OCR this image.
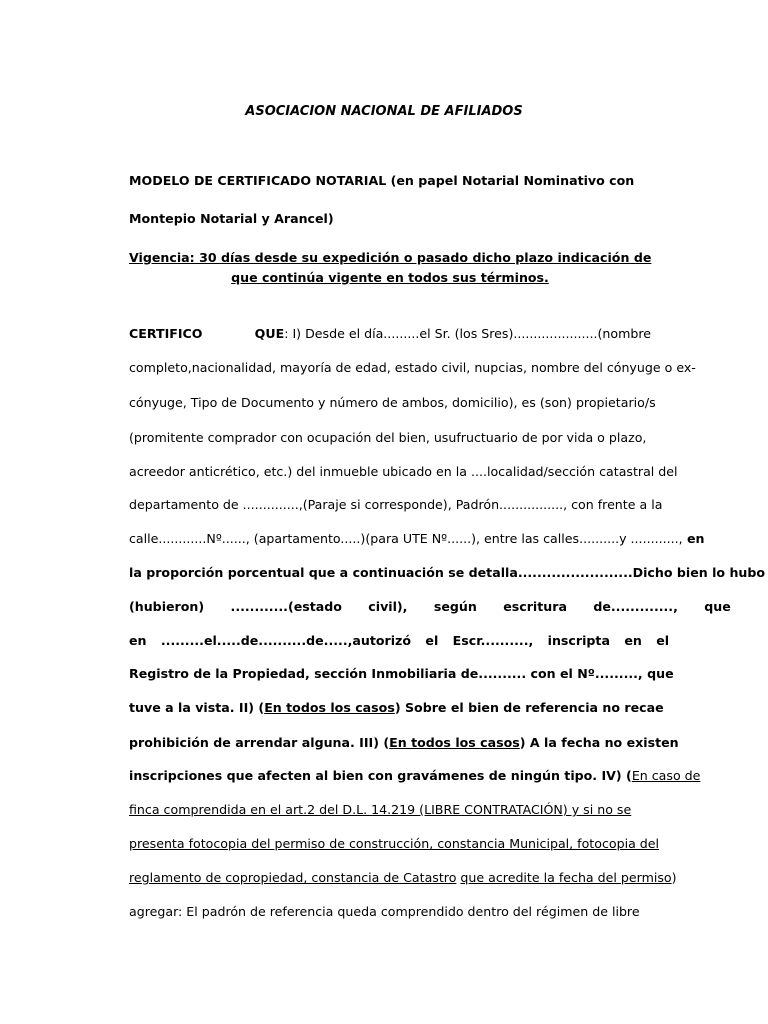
ASOCIACION NACIONAL DE AFILIADOS
MODELO DE CERTIFICADO NOTARIAL (en papel Notarial Nominativo con
Montepio Notarial y Arancel)
Vigencia: 30 días desde su expedición o pasado dicho plazo indicación de
que continúa vigente en todos sus términos.
CERTIFICO	QUE: I) Desde el día.........el Sr. (los Sres).....................(nombre
completo,nacionalidad, mayoría de edad, estado civil, nupcias, nombre del cónyuge o ex-
cónyuge, Tipo de Documento y número de ambos, domicilio), es (son) propietario/s
(promitente comprador con ocupación del bien, usufructuario de por vida o plazo,
acreedor anticrético, etc.) del inmueble ubicado en la ....localidad/sección catastral del
departamento de ..............,(Paraje si corresponde), Padrón................, con frente a la
calle............Nº......, (apartamento.....)(para UTE Nº......), entre las calles..........y ............, en
la proporción porcentual que a continuación se detalla........................Dicho bien lo hubo
(hubieron) ............(estado civil), según escritura de............., que
en .........el.....de..........de.....,autorizó el Escr.........., inscripta en el
Registro de la Propiedad, sección Inmobiliaria de.......... con el Nº........., que
tuve a la vista. II) (En todos los casos) Sobre el bien de referencia no recae
prohibición de arrendar alguna. III) (En todos los casos) A la fecha no existen
inscripciones que afecten al bien con gravámenes de ningún tipo. IV) (En caso de
finca comprendida en el art.2 del D.L. 14.219 (LIBRE CONTRATACIÓN) y si no se
presenta fotocopia del permiso de construcción, constancia Municipal, fotocopia del
reglamento de copropiedad, constancia de Catastro que acredite la fecha del permiso)
agregar: El padrón de referencia queda comprendido dentro del régimen de libre
